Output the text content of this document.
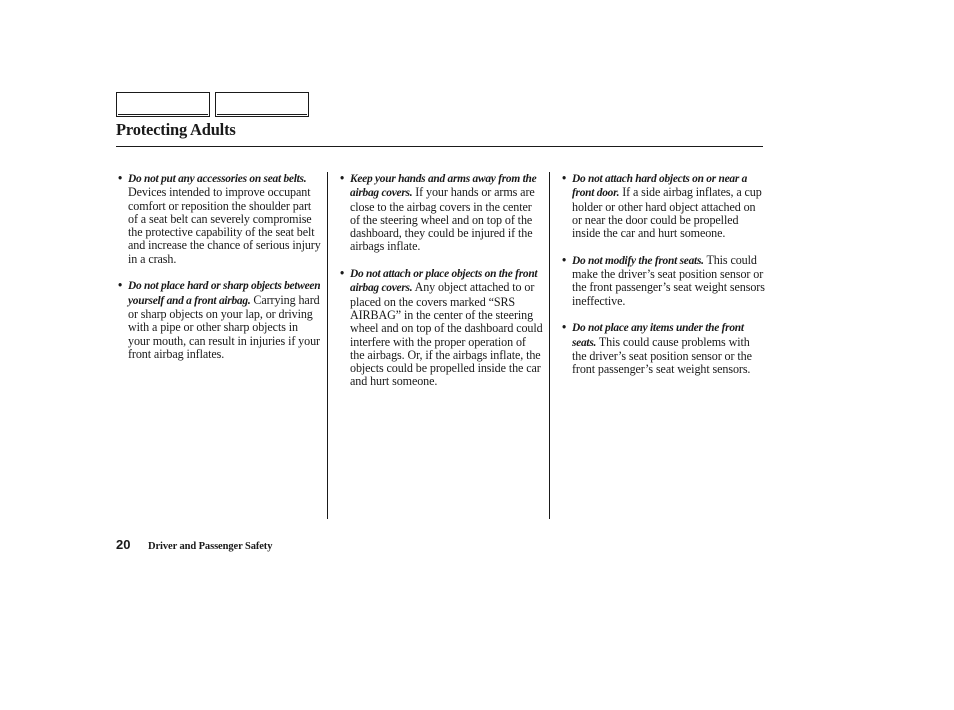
Protecting Adults
• Do not put any accessories on seat belts. Devices intended to improve occupant comfort or reposition the shoulder part of a seat belt can severely compromise the protective capability of the seat belt and increase the chance of serious injury in a crash.
• Do not place hard or sharp objects between yourself and a front airbag. Carrying hard or sharp objects on your lap, or driving with a pipe or other sharp objects in your mouth, can result in injuries if your front airbag inflates.
• Keep your hands and arms away from the airbag covers. If your hands or arms are close to the airbag covers in the center of the steering wheel and on top of the dashboard, they could be injured if the airbags inflate.
• Do not attach or place objects on the front airbag covers. Any object attached to or placed on the covers marked “SRS AIRBAG” in the center of the steering wheel and on top of the dashboard could interfere with the proper operation of the airbags. Or, if the airbags inflate, the objects could be propelled inside the car and hurt someone.
• Do not attach hard objects on or near a front door. If a side airbag inflates, a cup holder or other hard object attached on or near the door could be propelled inside the car and hurt someone.
• Do not modify the front seats. This could make the driver’s seat position sensor or the front passenger’s seat weight sensors ineffective.
• Do not place any items under the front seats. This could cause problems with the driver’s seat position sensor or the front passenger’s seat weight sensors.
20 Driver and Passenger Safety
